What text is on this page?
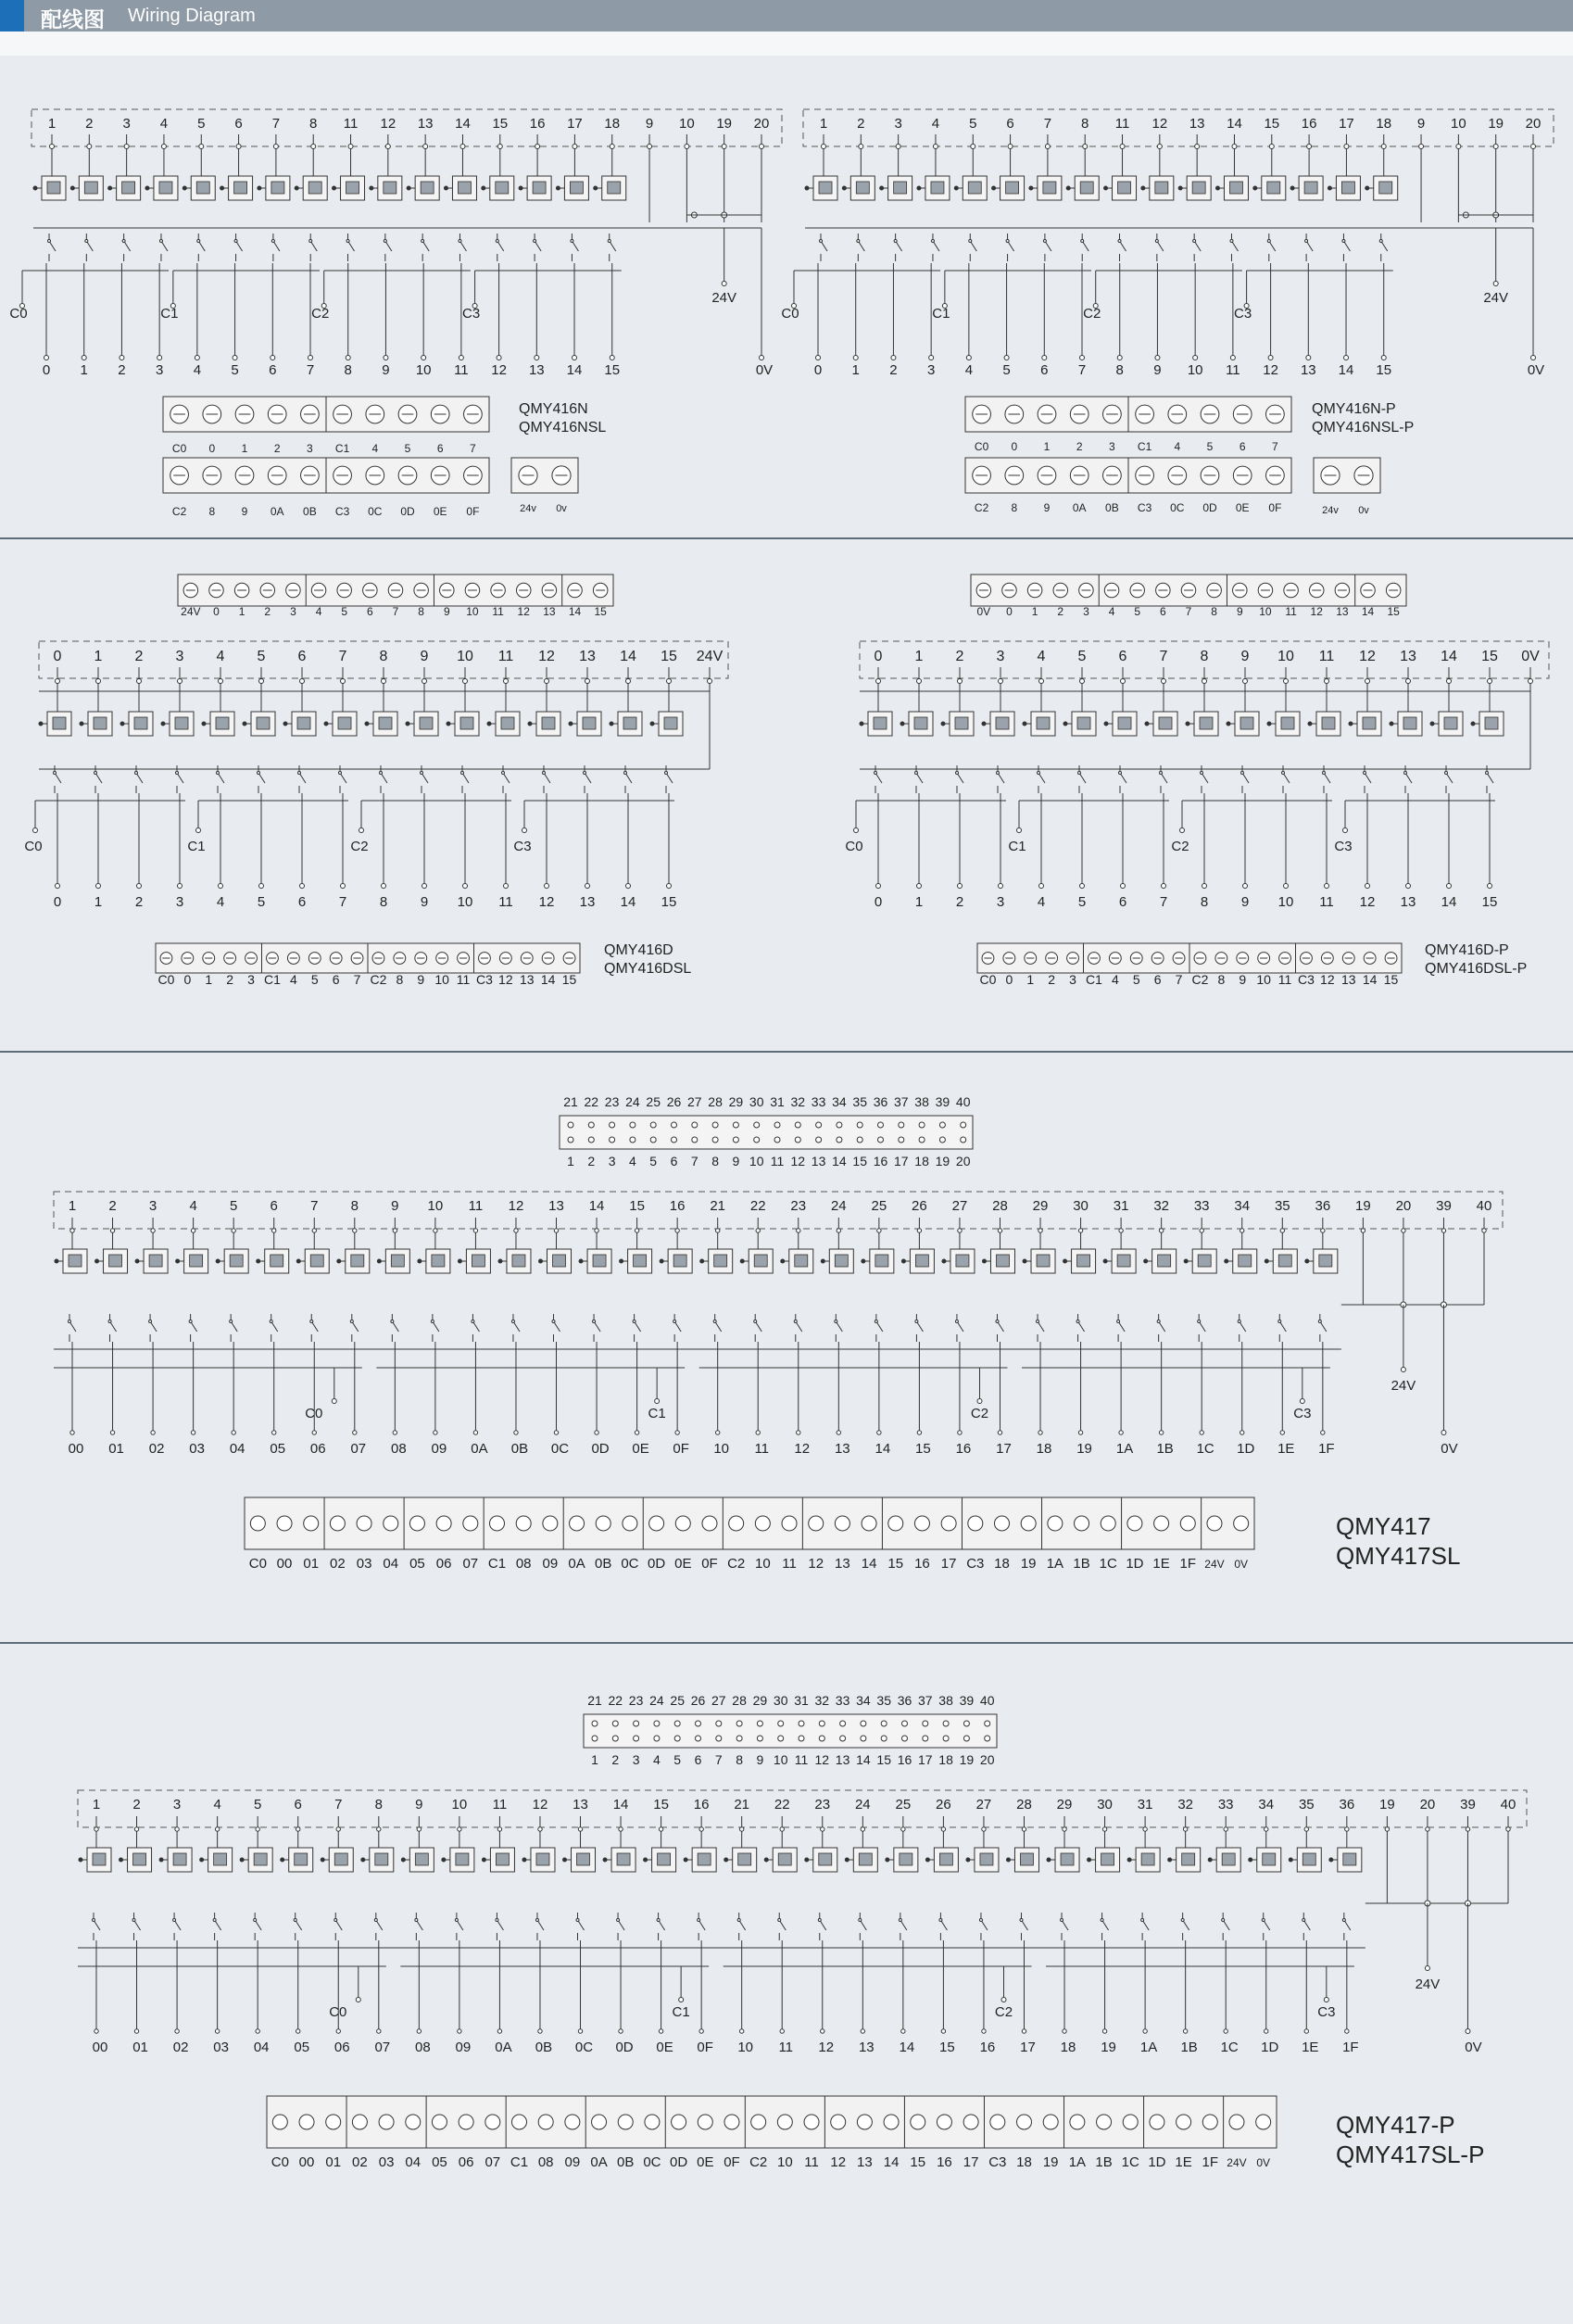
配线图 Wiring Diagram
1 2 3 4 5 6 7 8 11 12 13 14 15 16 17 18 9 10 19 20
C0	C1	C2	C3
0 1 2 3 4 5 6 7 8 9 10 11 12 13 14 15
24V
0V
C0 0 1 2 3 C1 4 5 6 7
C2 8 9 0A 0B C3 0C 0D 0E 0F	24v 0v
QMY416N
QMY416NSL
1 2 3 4 5 6 7 8 11 12 13 14 15 16 17 18 9 10 19 20
C0	C1	C2	C3
0 1 2 3 4 5 6 7 8 9 10 11 12 13 14 15
24V
0V
C0 0 1 2 3 C1 4 5 6 7
C2 8 9 0A 0B C3 0C 0D 0E 0F	24v 0v
QMY416N-P
QMY416NSL-P
24V 0 1 2 3 4 5 6 7 8 9 10 11 12 13 14 15
0 1 2 3 4 5 6 7 8 9 10 11 12 13 14 15 24V
C0	C1	C2	C3
0 1 2 3 4 5 6 7 8 9 10 11 12 13 14 15
C0 0 1 2 3 C1 4 5 6 7 C2 8 9 10 11 C3 12 13 14 15
QMY416D
QMY416DSL
0V 0 1 2 3 4 5 6 7 8 9 10 11 12 13 14 15
0 1 2 3 4 5 6 7 8 9 10 11 12 13 14 15 0V
C0	C1	C2	C3
0 1 2 3 4 5 6 7 8 9 10 11 12 13 14 15
C0 0 1 2 3 C1 4 5 6 7 C2 8 9 10 11 C3 12 13 14 15
QMY416D-P
QMY416DSL-P
21 22 23 24 25 26 27 28 29 30 31 32 33 34 35 36 37 38 39 40
1 2 3 4 5 6 7 8 9 10 11 12 13 14 15 16 17 18 19 20
1 2 3 4 5 6 7 8 9 10 11 12 13 14 15 16 21 22 23 24 25 26 27 28 29 30 31 32 33 34 35 36 19 20 39 40
C0	C1	C2	C3
00 01 02 03 04 05 06 07 08 09 0A 0B 0C 0D 0E 0F 10 11 12 13 14 15 16 17 18 19 1A 1B 1C 1D 1E 1F
24V
0V
C0 00 01 02 03 04 05 06 07 C1 08 09 0A 0B 0C 0D 0E 0F C2 10 11 12 13 14 15 16 17 C3 18 19 1A 1B 1C 1D 1E 1F 24V 0V
QMY417
QMY417SL
21 22 23 24 25 26 27 28 29 30 31 32 33 34 35 36 37 38 39 40
1 2 3 4 5 6 7 8 9 10 11 12 13 14 15 16 17 18 19 20
1 2 3 4 5 6 7 8 9 10 11 12 13 14 15 16 21 22 23 24 25 26 27 28 29 30 31 32 33 34 35 36 19 20 39 40
C0	C1	C2	C3
00 01 02 03 04 05 06 07 08 09 0A 0B 0C 0D 0E 0F 10 11 12 13 14 15 16 17 18 19 1A 1B 1C 1D 1E 1F
24V
0V
C0 00 01 02 03 04 05 06 07 C1 08 09 0A 0B 0C 0D 0E 0F C2 10 11 12 13 14 15 16 17 C3 18 19 1A 1B 1C 1D 1E 1F 24V 0V
QMY417-P
QMY417SL-P
